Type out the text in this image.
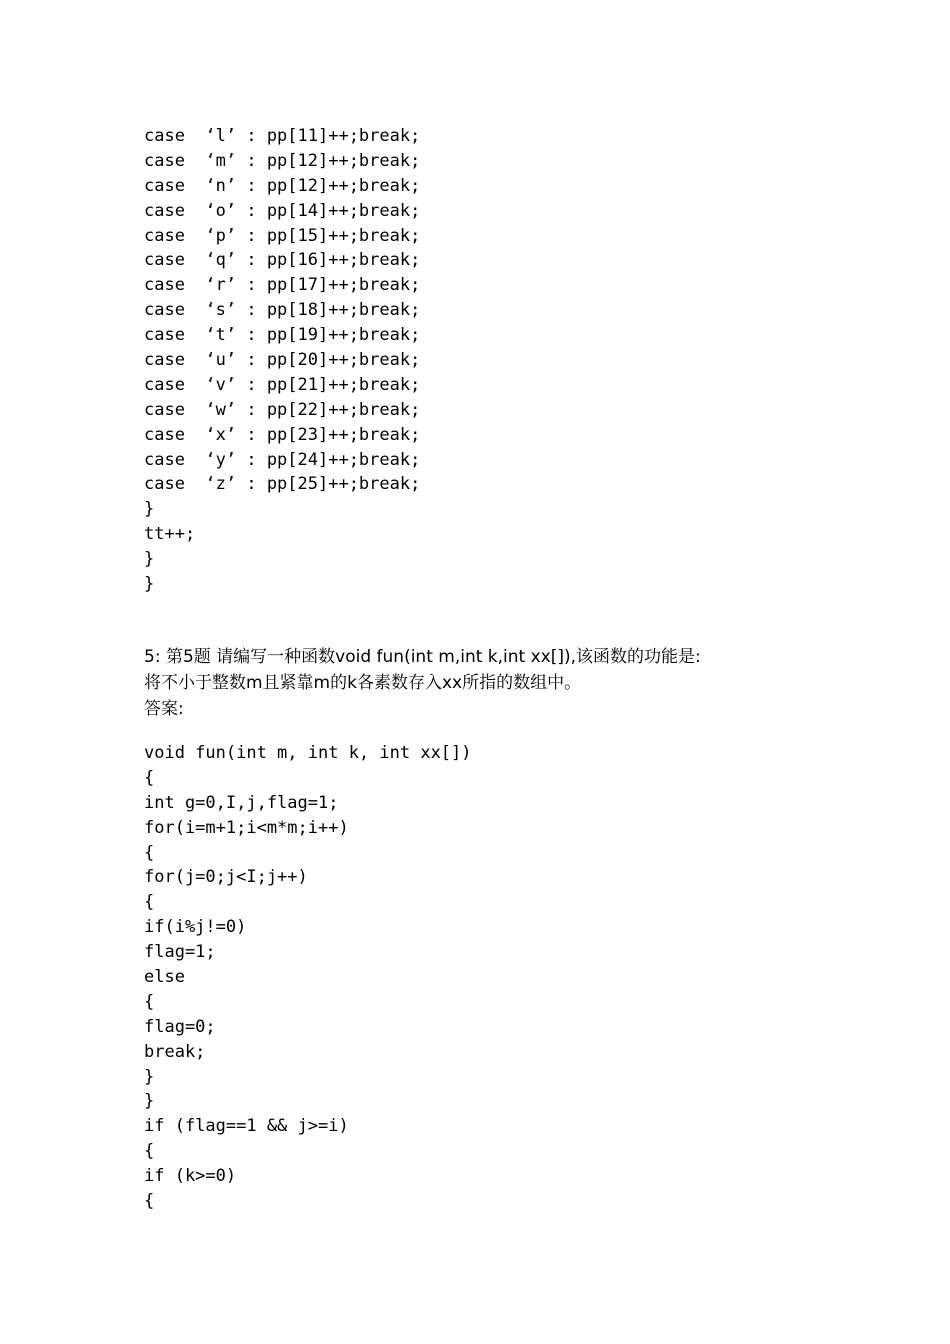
case  ‘l’ : pp[11]++;break;
case  ‘m’ : pp[12]++;break;
case  ‘n’ : pp[12]++;break;
case  ‘o’ : pp[14]++;break;
case  ‘p’ : pp[15]++;break;
case  ‘q’ : pp[16]++;break;
case  ‘r’ : pp[17]++;break;
case  ‘s’ : pp[18]++;break;
case  ‘t’ : pp[19]++;break;
case  ‘u’ : pp[20]++;break;
case  ‘v’ : pp[21]++;break;
case  ‘w’ : pp[22]++;break;
case  ‘x’ : pp[23]++;break;
case  ‘y’ : pp[24]++;break;
case  ‘z’ : pp[25]++;break;
}
tt++;
}
}
5: 第5题 请编写一种函数void fun(int m,int k,int xx[]),该函数的功能是:
将不小于整数m且紧靠m的k各素数存入xx所指的数组中。
答案:
void fun(int m, int k, int xx[])
{
int g=0,I,j,flag=1;
for(i=m+1;i<m*m;i++)
{
for(j=0;j<I;j++)
{
if(i%j!=0)
flag=1;
else
{
flag=0;
break;
}
}
if (flag==1 && j>=i)
{
if (k>=0)
{
